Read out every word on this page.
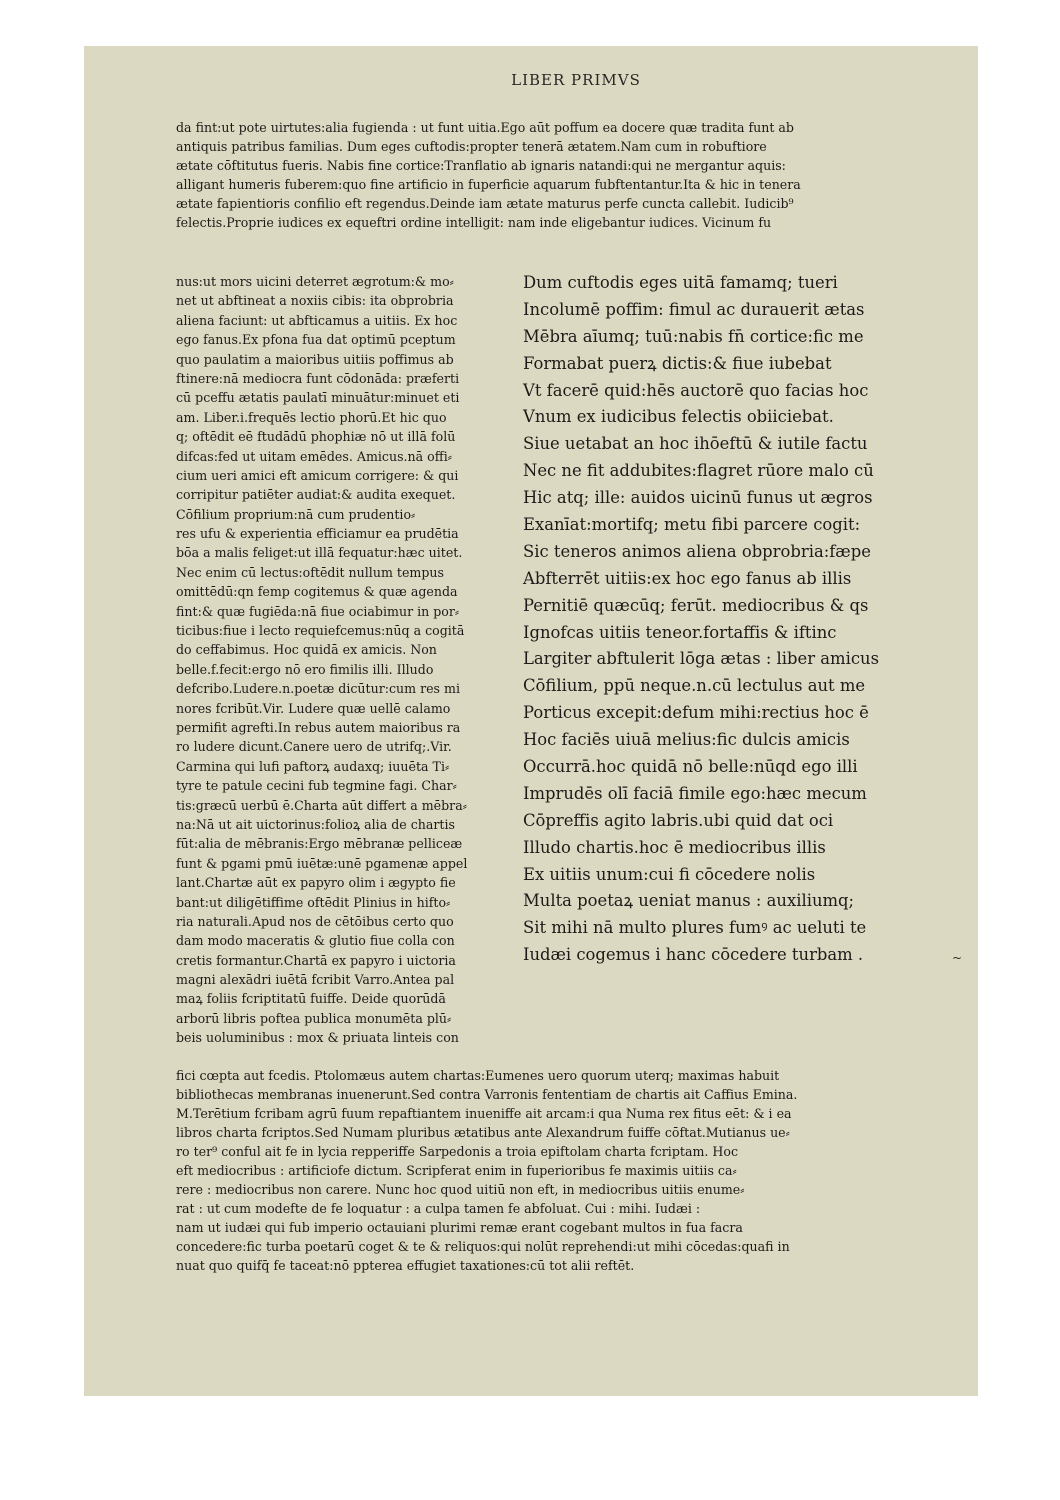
LIBER PRIMVS
da fint:ut pote uirtutes:alia fugienda : ut funt uitia.Ego aūt poffum ea docere quæ tradita funt ab
antiquis patribus familias. Dum eges cuftodis:propter tenerā ætatem.Nam cum in robuftiore
ætate cōftitutus fueris. Nabis fine cortice:Tranflatio ab ignaris natandi:qui ne mergantur aquis:
alligant humeris fuberem:quo fine artificio in fuperficie aquarum fubftentantur.Ita & hic in tenera
ætate fapientioris confilio eft regendus.Deinde iam ætate maturus perfe cuncta callebit. Iudicib⁹
felectis.Proprie iudices ex equeftri ordine intelligit: nam inde eligebantur iudices. Vicinum fu
nus:ut mors uicini deterret ægrotum:& mo⸗
net ut abftineat a noxiis cibis: ita obprobria
aliena faciunt: ut abfticamus a uitiis. Ex hoc
ego fanus.Ex pfona fua dat optimū pceptum
quo paulatim a maioribus uitiis poffimus ab
ftinere:nā mediocra funt cōdonāda: præferti
cū pceffu ætatis paulatī minuātur:minuet eti
am. Liber.i.frequēs lectio phorū.Et hic quo
q; oftēdit eē ftudādū phophiæ nō ut illā folū
difcas:fed ut uitam emēdes. Amicus.nā offi⸗
cium ueri amici eft amicum corrigere: & qui
corripitur patiēter audiat:& audita exequet.
Cōfilium proprium:nā cum prudentio⸗
res ufu & experientia efficiamur ea prudētia
bōa a malis feliget:ut illā fequatur:hæc uitet.
Nec enim cū lectus:oftēdit nullum tempus
omittēdū:qn femp cogitemus & quæ agenda
fint:& quæ fugiēda:nā fiue ociabimur in por⸗
ticibus:fiue i lecto requiefcemus:nūq a cogitā
do ceffabimus. Hoc quidā ex amicis. Non
belle.f.fecit:ergo nō ero fimilis illi. Illudo
defcribo.Ludere.n.poetæ dicūtur:cum res mi
nores fcribūt.Vir. Ludere quæ uellē calamo
permifit agrefti.In rebus autem maioribus ra
ro ludere dicunt.Canere uero de utrifq;.Vir.
Carmina qui lufi paftorꝝ audaxq; iuuēta Ti⸗
tyre te patule cecini fub tegmine fagi. Char⸗
tis:græcū uerbū ē.Charta aūt differt a mēbra⸗
na:Nā ut ait uictorinus:folioꝝ alia de chartis
fūt:alia de mēbranis:Ergo mēbranæ pelliceæ
funt & pgami pmū iuētæ:unē pgamenæ appel
lant.Chartæ aūt ex papyro olim i ægypto fie
bant:ut diligētiffime oftēdit Plinius in hifto⸗
ria naturali.Apud nos de cētōibus certo quo
dam modo maceratis & glutio fiue colla con
cretis formantur.Chartā ex papyro i uictoria
magni alexādri iuētā fcribit Varro.Antea pal
maꝝ foliis fcriptitatū fuiffe. Deide quorūdā
arborū libris poftea publica monumēta plū⸗
beis uoluminibus : mox & priuata linteis con
Dum cuftodis eges uitā famamq; tueri
Incolumē poffim: fimul ac durauerit ætas
Mēbra aīumq; tuū:nabis fn̄ cortice:fic me
Formabat puerꝝ dictis:& fiue iubebat
Vt facerē quid:hēs auctorē quo facias hoc
Vnum ex iudicibus felectis obiiciebat.
Siue uetabat an hoc ihōeftū & iutile factu
Nec ne fit addubites:flagret rūore malo cū
Hic atq; ille: auidos uicinū funus ut ægros
Exanīat:mortifq; metu fibi parcere cogit:
Sic teneros animos aliena obprobria:fæpe
Abfterrēt uitiis:ex hoc ego fanus ab illis
Pernitiē quæcūq; ferūt. mediocribus & qs
Ignofcas uitiis teneor.fortaffis & iftinc
Largiter abftulerit lōga ætas : liber amicus
Cōfilium, ppū neque.n.cū lectulus aut me
Porticus excepit:defum mihi:rectius hoc ē
Hoc faciēs uiuā melius:fic dulcis amicis
Occurrā.hoc quidā nō belle:nūqd ego illi
Imprudēs olī faciā fimile ego:hæc mecum
Cōpreffis agito labris.ubi quid dat oci
Illudo chartis.hoc ē mediocribus illis
Ex uitiis unum:cui fi cōcedere nolis
Multa poetaꝝ ueniat manus : auxiliumq;
Sit mihi nā multo plures fumꝰ ac ueluti te
Iudæi cogemus i hanc cōcedere turbam .
fici cœpta aut fcedis. Ptolomæus autem chartas:Eumenes uero quorum uterq; maximas habuit
bibliothecas membranas inuenerunt.Sed contra Varronis fententiam de chartis ait Caffius Emina.
M.Terētium fcribam agrū fuum repaftiantem inueniffe ait arcam:i qua Numa rex fitus eēt: & i ea
libros charta fcriptos.Sed Numam pluribus ætatibus ante Alexandrum fuiffe cōftat.Mutianus ue⸗
ro ter⁹ conful ait fe in lycia repperiffe Sarpedonis a troia epiftolam charta fcriptam. Hoc
eft mediocribus : artificiofe dictum. Scripferat enim in fuperioribus fe maximis uitiis ca⸗
rere : mediocribus non carere. Nunc hoc quod uitiū non eft, in mediocribus uitiis enume⸗
rat : ut cum modefte de fe loquatur : a culpa tamen fe abfoluat. Cui : mihi. Iudæi :
nam ut iudæi qui fub imperio octauiani plurimi remæ erant cogebant multos in fua facra
concedere:fic turba poetarū coget & te & reliquos:qui nolūt reprehendi:ut mihi cōcedas:quafi in
nuat quo quifq̄ fe taceat:nō ppterea effugiet taxationes:cū tot alii reftēt.
~
